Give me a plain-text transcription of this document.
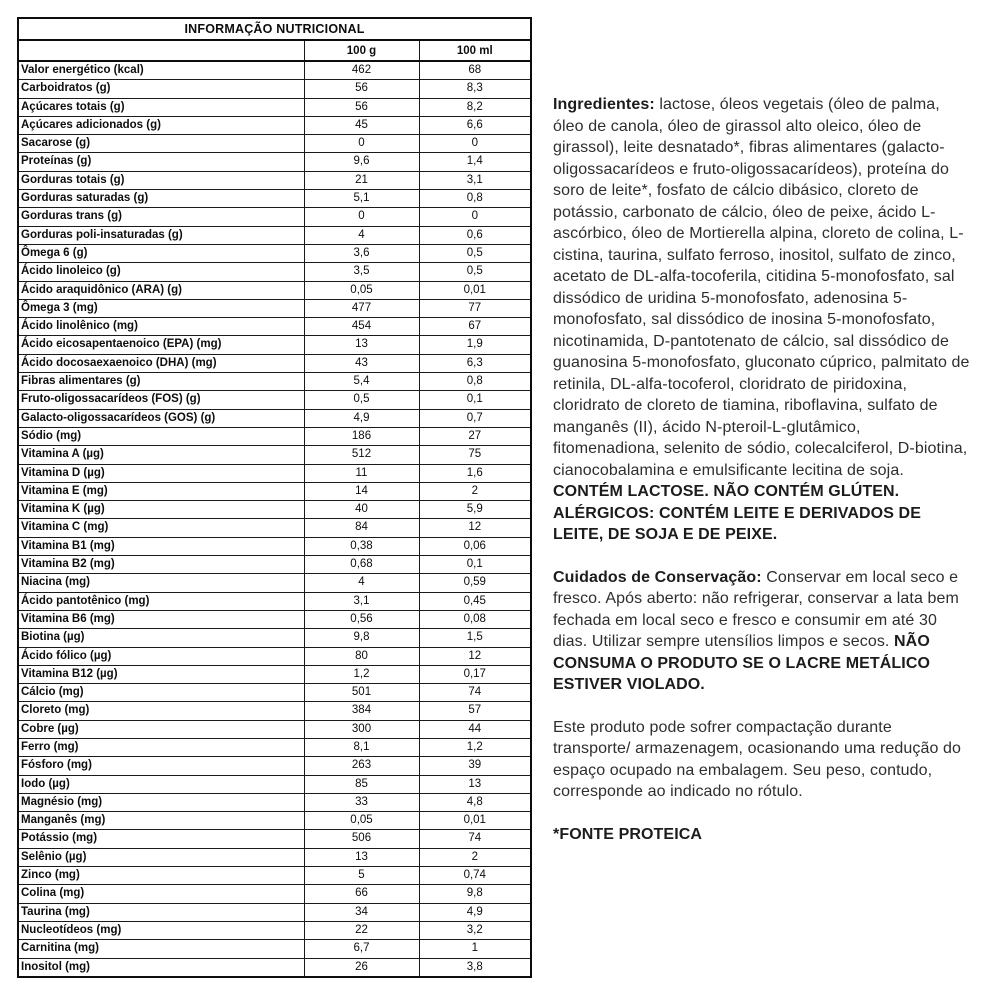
INFORMAÇÃO NUTRICIONAL		
	100 g	100 ml
Valor energético (kcal)	462	68
Carboidratos (g)	56	8,3
Açúcares totais (g)	56	8,2
Açúcares adicionados (g)	45	6,6
Sacarose (g)	0	0
Proteínas (g)	9,6	1,4
Gorduras totais (g)	21	3,1
Gorduras saturadas (g)	5,1	0,8
Gorduras trans (g)	0	0
Gorduras poli-insaturadas (g)	4	0,6
Ômega 6 (g)	3,6	0,5
Ácido linoleico (g)	3,5	0,5
Ácido araquidônico (ARA) (g)	0,05	0,01
Ômega 3 (mg)	477	77
Ácido linolênico (mg)	454	67
Ácido eicosapentaenoico (EPA) (mg)	13	1,9
Ácido docosaexaenoico (DHA) (mg)	43	6,3
Fibras alimentares (g)	5,4	0,8
Fruto-oligossacarídeos (FOS) (g)	0,5	0,1
Galacto-oligossacarídeos (GOS) (g)	4,9	0,7
Sódio (mg)	186	27
Vitamina A (µg)	512	75
Vitamina D (µg)	11	1,6
Vitamina E (mg)	14	2
Vitamina K (µg)	40	5,9
Vitamina C (mg)	84	12
Vitamina B1 (mg)	0,38	0,06
Vitamina B2 (mg)	0,68	0,1
Niacina (mg)	4	0,59
Ácido pantotênico (mg)	3,1	0,45
Vitamina B6 (mg)	0,56	0,08
Biotina (µg)	9,8	1,5
Ácido fólico (µg)	80	12
Vitamina B12 (µg)	1,2	0,17
Cálcio (mg)	501	74
Cloreto (mg)	384	57
Cobre (µg)	300	44
Ferro (mg)	8,1	1,2
Fósforo (mg)	263	39
Iodo (µg)	85	13
Magnésio (mg)	33	4,8
Manganês (mg)	0,05	0,01
Potássio (mg)	506	74
Selênio (µg)	13	2
Zinco (mg)	5	0,74
Colina (mg)	66	9,8
Taurina (mg)	34	4,9
Nucleotídeos (mg)	22	3,2
Carnitina (mg)	6,7	1
Inositol (mg)	26	3,8

Ingredientes: lactose, óleos vegetais (óleo de palma, óleo de canola, óleo de girassol alto oleico, óleo de girassol), leite desnatado*, fibras alimentares (galacto-oligossacarídeos e fruto-oligossacarídeos), proteína do soro de leite*, fosfato de cálcio dibásico, cloreto de potássio, carbonato de cálcio, óleo de peixe, ácido L-ascórbico, óleo de Mortierella alpina, cloreto de colina, L-cistina, taurina, sulfato ferroso, inositol, sulfato de zinco, acetato de DL-alfa-tocoferila, citidina 5-monofosfato, sal dissódico de uridina 5-monofosfato, adenosina 5-monofosfato, sal dissódico de inosina 5-monofosfato, nicotinamida, D-pantotenato de cálcio, sal dissódico de guanosina 5-monofosfato, gluconato cúprico, palmitato de retinila, DL-alfa-tocoferol, cloridrato de piridoxina, cloridrato de cloreto de tiamina, riboflavina, sulfato de manganês (II), ácido N-pteroil-L-glutâmico, fitomenadiona, selenito de sódio, colecalciferol, D-biotina, cianocobalamina e emulsificante lecitina de soja. CONTÉM LACTOSE. NÃO CONTÉM GLÚTEN. ALÉRGICOS: CONTÉM LEITE E DERIVADOS DE LEITE, DE SOJA E DE PEIXE.

Cuidados de Conservação: Conservar em local seco e fresco. Após aberto: não refrigerar, conservar a lata bem fechada em local seco e fresco e consumir em até 30 dias. Utilizar sempre utensílios limpos e secos. NÃO CONSUMA O PRODUTO SE O LACRE METÁLICO ESTIVER VIOLADO.

Este produto pode sofrer compactação durante transporte/ armazenagem, ocasionando uma redução do espaço ocupado na embalagem. Seu peso, contudo, corresponde ao indicado no rótulo.

*FONTE PROTEICA
